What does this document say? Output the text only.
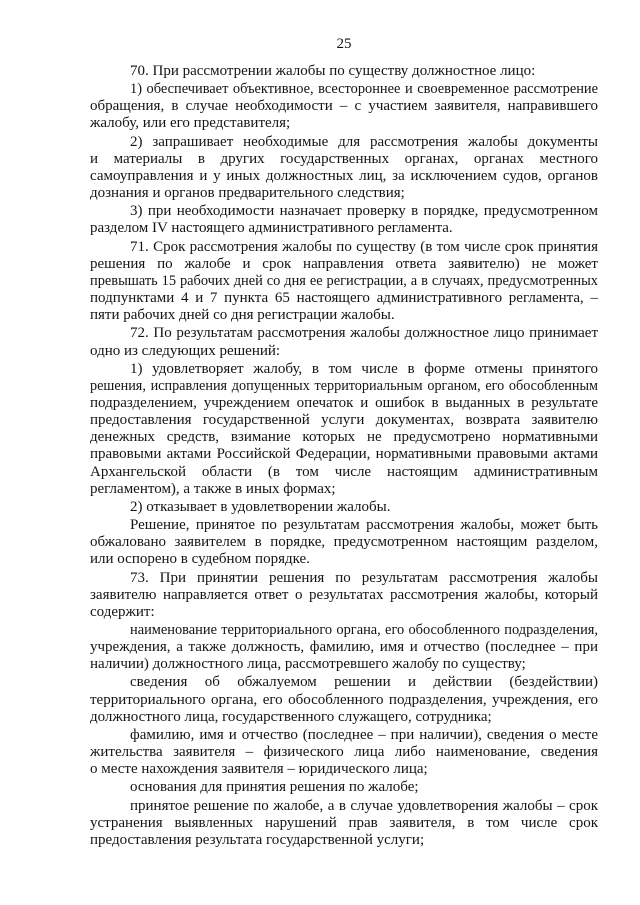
25
70. При рассмотрении жалобы по существу должностное лицо:
1) обеспечивает объективное, всестороннее и своевременное рассмотрение
обращения, в случае необходимости – с участием заявителя, направившего
жалобу, или его представителя;
2) запрашивает необходимые для рассмотрения жалобы документы
и материалы в других государственных органах, органах местного
самоуправления и у иных должностных лиц, за исключением судов, органов
дознания и органов предварительного следствия;
3) при необходимости назначает проверку в порядке, предусмотренном
разделом IV настоящего административного регламента.
71. Срок рассмотрения жалобы по существу (в том числе срок принятия
решения по жалобе и срок направления ответа заявителю) не может
превышать 15 рабочих дней со дня ее регистрации, а в случаях, предусмотренных
подпунктами 4 и 7 пункта 65 настоящего административного регламента, –
пяти рабочих дней со дня регистрации жалобы.
72. По результатам рассмотрения жалобы должностное лицо принимает
одно из следующих решений:
1) удовлетворяет жалобу, в том числе в форме отмены принятого
решения, исправления допущенных территориальным органом, его обособленным
подразделением, учреждением опечаток и ошибок в выданных в результате
предоставления государственной услуги документах, возврата заявителю
денежных средств, взимание которых не предусмотрено нормативными
правовыми актами Российской Федерации, нормативными правовыми актами
Архангельской области (в том числе настоящим административным
регламентом), а также в иных формах;
2) отказывает в удовлетворении жалобы.
Решение, принятое по результатам рассмотрения жалобы, может быть
обжаловано заявителем в порядке, предусмотренном настоящим разделом,
или оспорено в судебном порядке.
73. При принятии решения по результатам рассмотрения жалобы
заявителю направляется ответ о результатах рассмотрения жалобы, который
содержит:
наименование территориального органа, его обособленного подразделения,
учреждения, а также должность, фамилию, имя и отчество (последнее – при
наличии) должностного лица, рассмотревшего жалобу по существу;
сведения об обжалуемом решении и действии (бездействии)
территориального органа, его обособленного подразделения, учреждения, его
должностного лица, государственного служащего, сотрудника;
фамилию, имя и отчество (последнее – при наличии), сведения о месте
жительства заявителя – физического лица либо наименование, сведения
о месте нахождения заявителя – юридического лица;
основания для принятия решения по жалобе;
принятое решение по жалобе, а в случае удовлетворения жалобы – срок
устранения выявленных нарушений прав заявителя, в том числе срок
предоставления результата государственной услуги;
